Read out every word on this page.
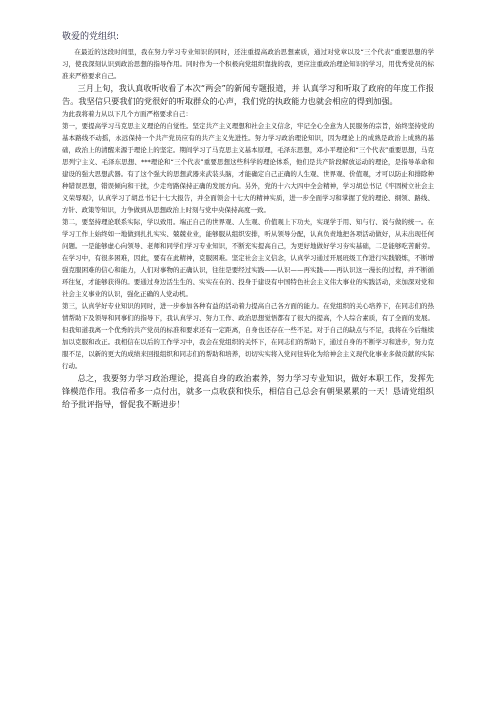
敬爱的党组织:

在最近的这段时间里，我在努力学习专业知识的同时，还注重提高政治思想素质，通过对党章以及“三个代表”重要思想的学习，使我深刻认识到政治思想的指导作用。同时作为一个积极向党组织靠拢的我，更应注重政治理论知识的学习，用优秀党员的标准来严格要求自己。

三月上旬，我认真收听收看了本次“两会”的新闻专题报道，并 认真学习和听取了政府的年度工作报告。我坚信只要我们的党很好的听取群众的心声，我们党的执政能力也就会相应的得到加强。

为此我将着力从以下几个方面严格要求自己：

第一，要提高学习马克思主义理论的自觉性。坚定共产主义理想和社会主义信念，牢记全心全意为人民服务的宗旨，始终坚持党的基本路线不动摇，永远保持一个共产党员应有的共产主义先进性。努力学习政治理论知识，因为理论上的成熟是政治上成熟的基础，政治上的清醒来源于理论上的坚定。期间学习了马克思主义基本原理，毛泽东思想，邓小平理论和“三个代表”重要思想，马克思列宁主义、毛泽东思想、***理论和“三个代表”重要思想这些科学的理论体系，他们是共产阶段解放运动的理论，是指导革命和建设的强大思想武器。有了这个强大的思想武器来武装头脑，才能确定自己正确的人生观、世界观、价值观，才可以防止和排除种种错误思想，错误倾向和干扰，少走弯路保持正确的发展方向。另外，党的十六大四中全会精神，学习胡总书记《牢固树立社会主义荣辱观》，认真学习了胡总书记十七大报告，并全面领会十七大的精神实质，进一步全面学习和掌握了党的理论、纲领、路线、方针、政策等知识，力争做到从思想政治上时刻与党中央保持高度一致。

第二，要坚持理论联系实际，学以致用。端正自己的世界观、人生观、价值观上下功夫，实现学于用、知与行、说与做的统一。在学习工作上始终如一地做到扎扎实实、兢兢业业，能够服从组织安排，听从领导分配，认真负责地把各项活动做好，从未出现任何问题。一是能够虚心向领导、老师和同学们学习专业知识，不断充实提高自己，为更好地做好学习夯实基础，二是能够吃苦耐劳。在学习中，有很多困难，因此，要有在此精神，克服困难。坚定社会主义信念，认真学习通过开展班级工作进行实践锻炼，不断增强克服困难的信心和能力，人们对事物的正确认识，往往是要经过实践——认识——再实践——再认识这一漫长的过程，并不断循环往复，才能够获得的。要通过身边活生生的、实实在在的、投身于建设有中国特色社会主义伟大事业的实践活动，来加深对党和社会主义事业的认识，强化正确的人党动机。

第三，认真学好专业知识的同时，进一步参加各种有益的活动着力提高自己各方面的能力。在党组织的关心培养下，在同志们的热情帮助下及领导和同事们的指导下，我认真学习、努力工作、政治思想觉悟都有了很大的提高，个人综合素质，有了全面的发展。但我知道我离一个优秀的共产党员的标准和要求还有一定距离，自身也还存在一些不足。对于自己的缺点与不足，我将在今后继续加以克服和改正。我相信在以后的工作学习中，我会在党组织的关怀下，在同志们的帮助下，通过自身的不断学习和进步，努力克服不足，以新的更大的成绩来回报组织和同志们的帮助和培养，切切实实将入党问往转化为给神会主义现代化事业多做贡献的实际行动。

总之，我要努力学习政治理论，提高自身的政治素养，努力学习专业知识，做好本职工作，发挥先锋模范作用。我信希多一点付出，就多一点收获和快乐，相信自己总会有朝果累累的一天！恳请党组织给予批评指导，督促我不断进步！
